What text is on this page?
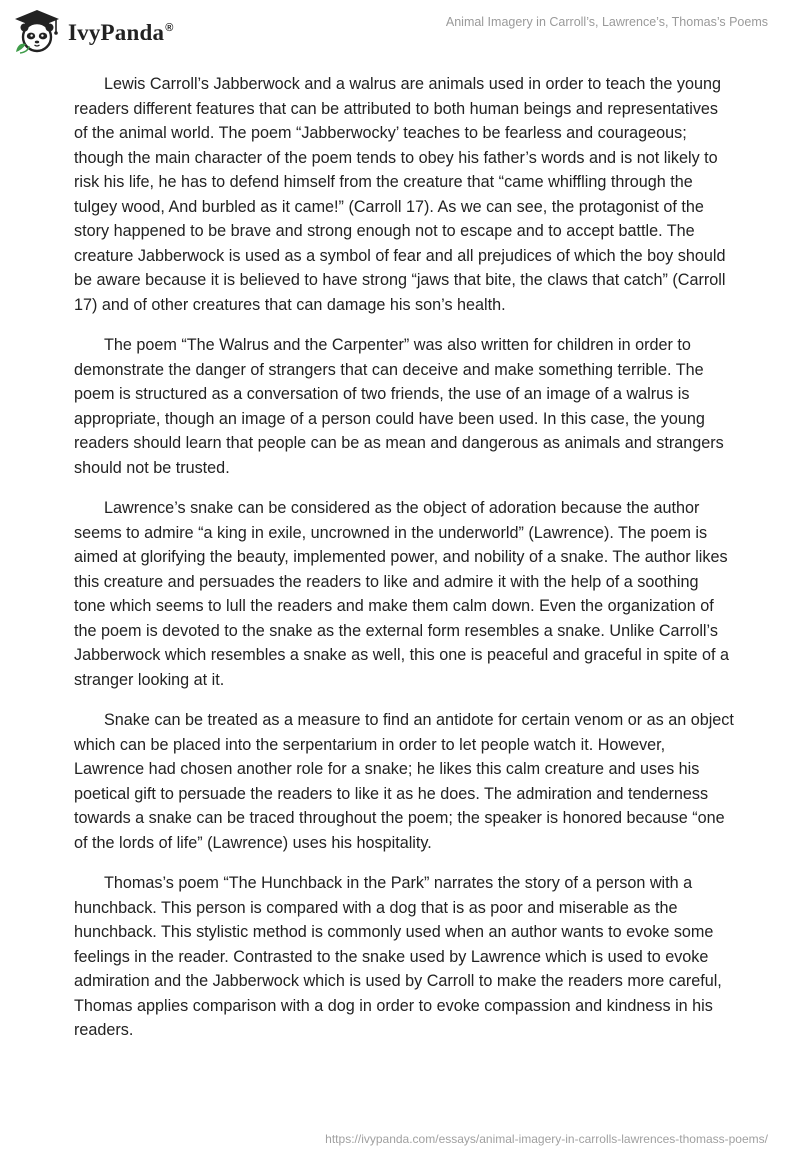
IvyPanda®	Animal Imagery in Carroll’s, Lawrence’s, Thomas’s Poems

Lewis Carroll’s Jabberwock and a walrus are animals used in order to teach the young readers different features that can be attributed to both human beings and representatives of the animal world. The poem “Jabberwocky’ teaches to be fearless and courageous; though the main character of the poem tends to obey his father’s words and is not likely to risk his life, he has to defend himself from the creature that “came whiffling through the tulgey wood, And burbled as it came!” (Carroll 17). As we can see, the protagonist of the story happened to be brave and strong enough not to escape and to accept battle. The creature Jabberwock is used as a symbol of fear and all prejudices of which the boy should be aware because it is believed to have strong “jaws that bite, the claws that catch” (Carroll 17) and of other creatures that can damage his son’s health.

The poem “The Walrus and the Carpenter” was also written for children in order to demonstrate the danger of strangers that can deceive and make something terrible. The poem is structured as a conversation of two friends, the use of an image of a walrus is appropriate, though an image of a person could have been used. In this case, the young readers should learn that people can be as mean and dangerous as animals and strangers should not be trusted.

Lawrence’s snake can be considered as the object of adoration because the author seems to admire “a king in exile, uncrowned in the underworld” (Lawrence). The poem is aimed at glorifying the beauty, implemented power, and nobility of a snake. The author likes this creature and persuades the readers to like and admire it with the help of a soothing tone which seems to lull the readers and make them calm down. Even the organization of the poem is devoted to the snake as the external form resembles a snake. Unlike Carroll’s Jabberwock which resembles a snake as well, this one is peaceful and graceful in spite of a stranger looking at it.

Snake can be treated as a measure to find an antidote for certain venom or as an object which can be placed into the serpentarium in order to let people watch it. However, Lawrence had chosen another role for a snake; he likes this calm creature and uses his poetical gift to persuade the readers to like it as he does. The admiration and tenderness towards a snake can be traced throughout the poem; the speaker is honored because “one of the lords of life” (Lawrence) uses his hospitality.

Thomas’s poem “The Hunchback in the Park” narrates the story of a person with a hunchback. This person is compared with a dog that is as poor and miserable as the hunchback. This stylistic method is commonly used when an author wants to evoke some feelings in the reader. Contrasted to the snake used by Lawrence which is used to evoke admiration and the Jabberwock which is used by Carroll to make the readers more careful, Thomas applies comparison with a dog in order to evoke compassion and kindness in his readers.

https://ivypanda.com/essays/animal-imagery-in-carrolls-lawrences-thomass-poems/
